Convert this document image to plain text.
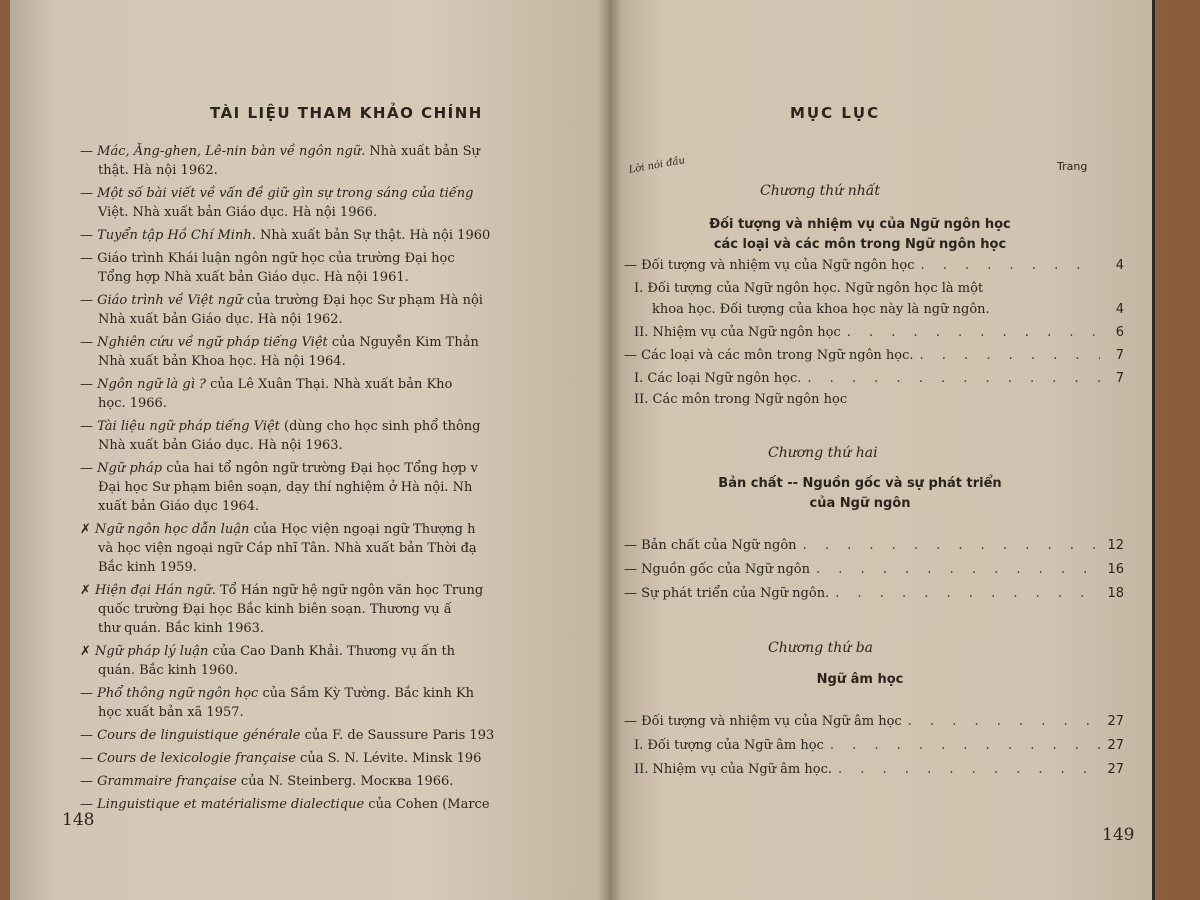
TÀI LIỆU THAM KHẢO CHÍNH
— Mác, Ăng-ghen, Lê-nin bàn về ngôn ngữ. Nhà xuất bản Sự
thật. Hà nội 1962.
— Một số bài viết về vấn đề giữ gìn sự trong sáng của tiếng
Việt. Nhà xuất bản Giáo dục. Hà nội 1966.
— Tuyển tập Hồ Chí Minh. Nhà xuất bản Sự thật. Hà nội 1960
— Giáo trình Khái luận ngôn ngữ học của trường Đại học
Tổng hợp Nhà xuất bản Giáo dục. Hà nội 1961.
— Giáo trình về Việt ngữ của trường Đại học Sư phạm Hà nội
Nhà xuất bản Giáo dục. Hà nội 1962.
— Nghiên cứu về ngữ pháp tiếng Việt của Nguyễn Kim Thản
Nhà xuất bản Khoa học. Hà nội 1964.
— Ngôn ngữ là gì ? của Lê Xuân Thại. Nhà xuất bản Kho
học. 1966.
— Tài liệu ngữ pháp tiếng Việt (dùng cho học sinh phổ thông
Nhà xuất bản Giáo dục. Hà nội 1963.
— Ngữ pháp của hai tổ ngôn ngữ trường Đại học Tổng hợp v
Đại học Sư phạm biên soạn, dạy thí nghiệm ở Hà nội. Nh
xuất bản Giáo dục 1964.
✗ Ngữ ngôn học dẫn luận của Học viện ngoại ngữ Thượng h
và học viện ngoại ngữ Cáp nhĩ Tân. Nhà xuất bản Thời đạ
Bắc kinh 1959.
✗ Hiện đại Hán ngữ. Tổ Hán ngữ hệ ngữ ngôn văn học Trung
quốc trường Đại học Bắc kinh biên soạn. Thương vụ ấ
thư quán. Bắc kinh 1963.
✗ Ngữ pháp lý luận của Cao Danh Khải. Thương vụ ấn th
quán. Bắc kinh 1960.
— Phổ thông ngữ ngôn học của Sầm Kỳ Tường. Bắc kinh Kh
học xuất bản xã 1957.
— Cours de linguistique générale của F. de Saussure Paris 193
— Cours de lexicologie française của S. N. Lévite. Minsk 196
— Grammaire française của N. Steinberg. Москва 1966.
— Linguistique et matérialisme dialectique của Cohen (Marce
148
MỤC LỤC
Lời nói đầu	Trang
Chương thứ nhất
Đối tượng và nhiệm vụ của Ngữ ngôn học
các loại và các môn trong Ngữ ngôn học
— Đối tượng và nhiệm vụ của Ngữ ngôn học . . .	4
I. Đối tượng của Ngữ ngôn học. Ngữ ngôn học là một
khoa học. Đối tượng của khoa học này là ngữ ngôn.	4
II. Nhiệm vụ của Ngữ ngôn học . . .	6
— Các loại và các môn trong Ngữ ngôn học. . . .	7
I. Các loại Ngữ ngôn học. . . .	7
II. Các môn trong Ngữ ngôn học
Chương thứ hai
Bản chất -- Nguồn gốc và sự phát triển
của Ngữ ngôn
— Bản chất của Ngữ ngôn . . .	12
— Nguồn gốc của Ngữ ngôn . . .	16
— Sự phát triển của Ngữ ngôn. . . .	18
Chương thứ ba
Ngữ âm học
— Đối tượng và nhiệm vụ của Ngữ âm học . . .	27
I. Đối tượng của Ngữ âm học . . .	27
II. Nhiệm vụ của Ngữ âm học. . . .	27
149
